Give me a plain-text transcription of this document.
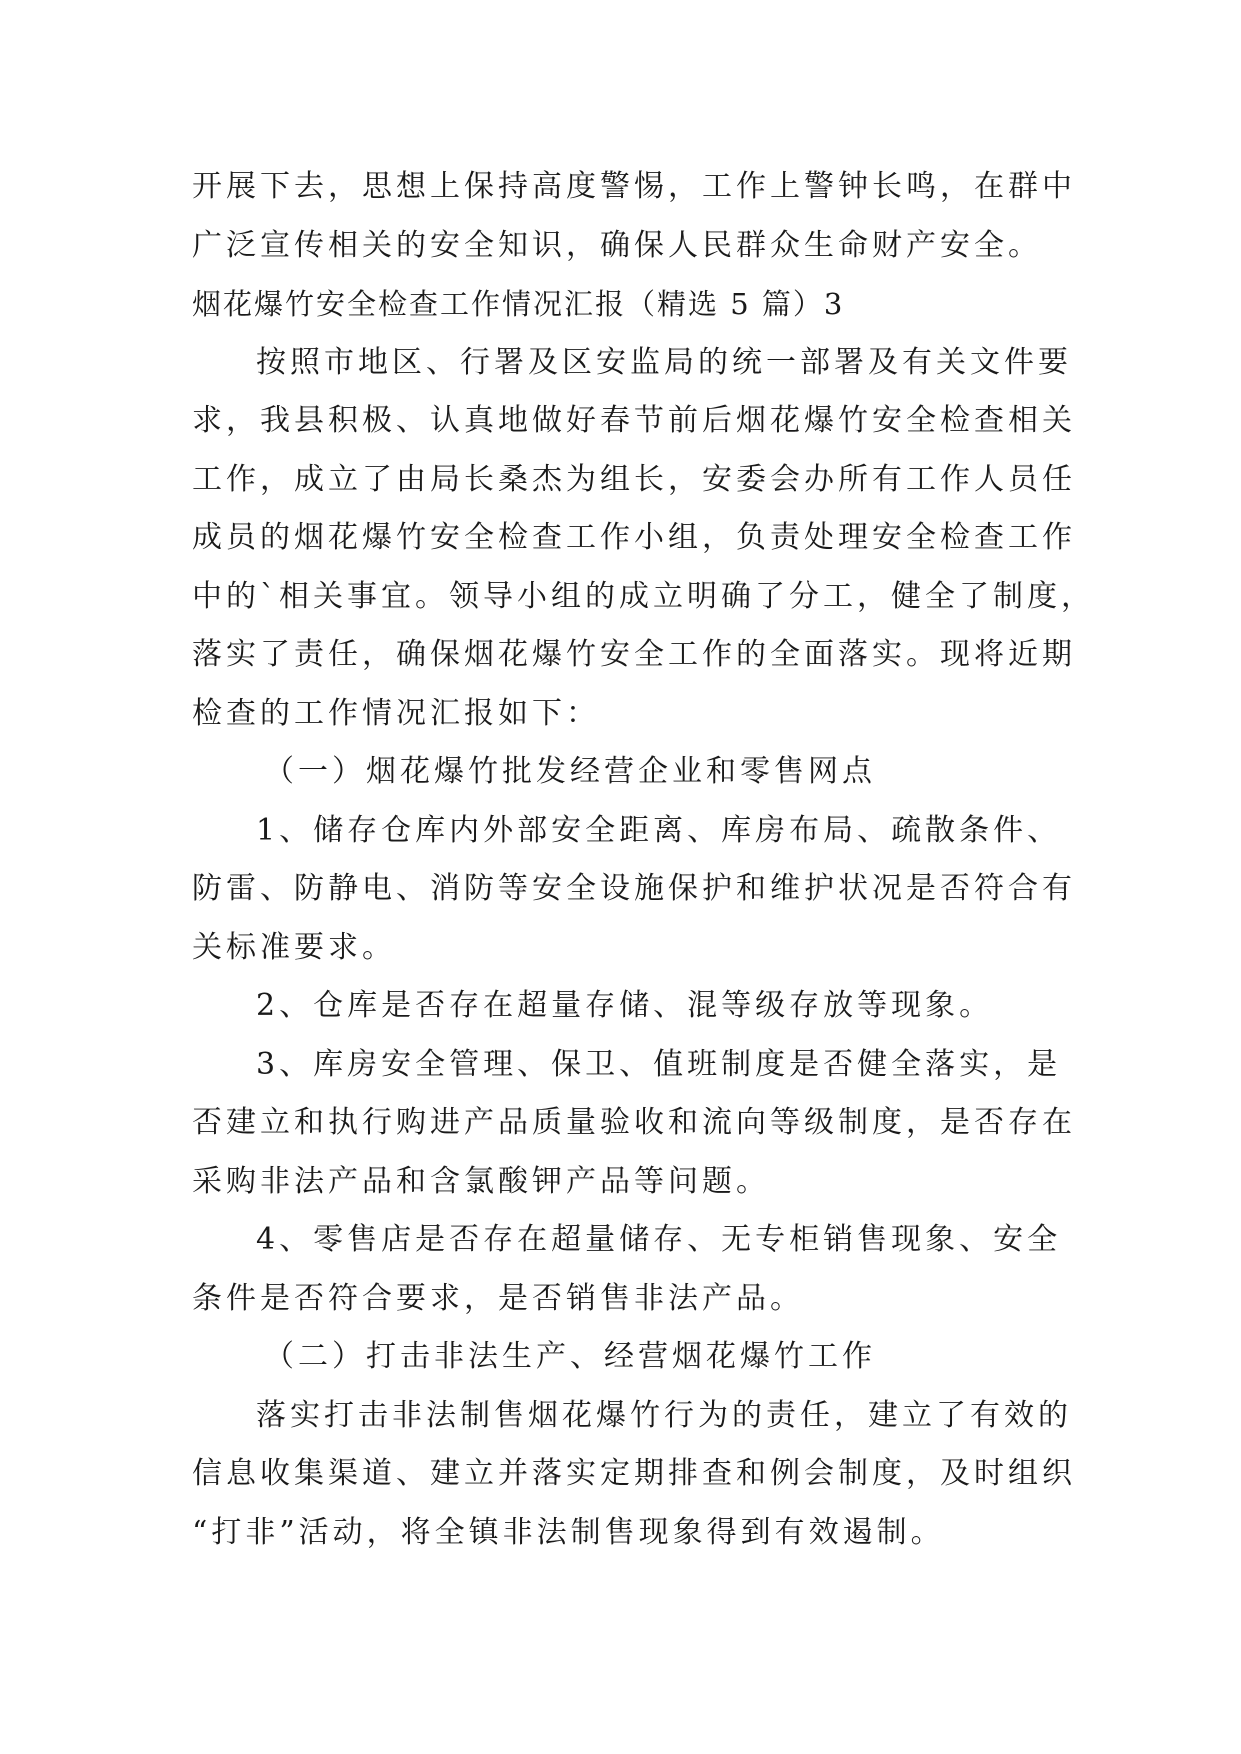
开展下去，思想上保持高度警惕，工作上警钟长鸣，在群中
广泛宣传相关的安全知识，确保人民群众生命财产安全。
烟花爆竹安全检查工作情况汇报（精选 5 篇）3
按照市地区、行署及区安监局的统一部署及有关文件要
求，我县积极、认真地做好春节前后烟花爆竹安全检查相关
工作，成立了由局长桑杰为组长，安委会办所有工作人员任
成员的烟花爆竹安全检查工作小组，负责处理安全检查工作
中的`相关事宜。领导小组的成立明确了分工，健全了制度，
落实了责任，确保烟花爆竹安全工作的全面落实。现将近期
检查的工作情况汇报如下：
（一）烟花爆竹批发经营企业和零售网点
1、储存仓库内外部安全距离、库房布局、疏散条件、
防雷、防静电、消防等安全设施保护和维护状况是否符合有
关标准要求。
2、仓库是否存在超量存储、混等级存放等现象。
3、库房安全管理、保卫、值班制度是否健全落实，是
否建立和执行购进产品质量验收和流向等级制度，是否存在
采购非法产品和含氯酸钾产品等问题。
4、零售店是否存在超量储存、无专柜销售现象、安全
条件是否符合要求，是否销售非法产品。
（二）打击非法生产、经营烟花爆竹工作
落实打击非法制售烟花爆竹行为的责任，建立了有效的
信息收集渠道、建立并落实定期排查和例会制度，及时组织
“打非”活动，将全镇非法制售现象得到有效遏制。
